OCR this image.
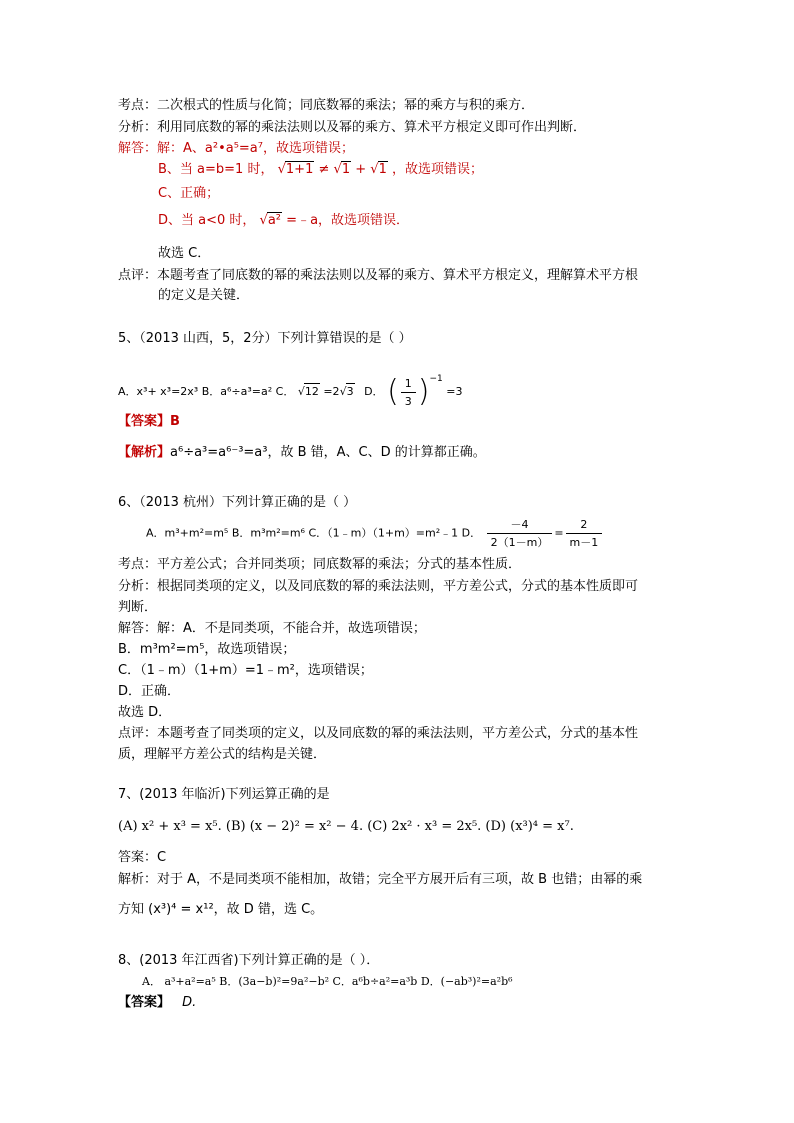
考点：二次根式的性质与化简；同底数幂的乘法；幂的乘方与积的乘方．
分析：利用同底数的幂的乘法法则以及幂的乘方、算术平方根定义即可作出判断．
解答：解：A、a²•a⁵=a⁷，故选项错误；
B、当 a=b=1 时， √1+1 ≠ √1 + √1 ，故选项错误；
C、正确；
D、当 a<0 时， √a² =﹣a，故选项错误．
故选 C．
点评：本题考查了同底数的幂的乘法法则以及幂的乘方、算术平方根定义，理解算术平方根
的定义是关键．
5、（2013 山西，5，2分）下列计算错误的是（ ）
A．x³+ x³=2x³ B．a⁶÷a³=a² C． √12 =2√3 D． ( $\frac{1}{3} )^{-1} =3$
【答案】B
【解析】a⁶÷a³=a⁶⁻³=a³，故 B 错，A、C、D 的计算都正确。
6、（2013 杭州）下列计算正确的是（ ）
A．m³+m²=m⁵ B．m³m²=m⁶ C．（1﹣m）（1+m）=m²﹣1 D． $\frac{-4}{2(1-m)} = \frac{2}{m-1}$
考点：平方差公式；合并同类项；同底数幂的乘法；分式的基本性质．
分析：根据同类项的定义，以及同底数的幂的乘法法则，平方差公式，分式的基本性质即可
判断．
解答：解：A．不是同类项，不能合并，故选项错误；
B．m³m²=m⁵，故选项错误；
C．（1﹣m）（1+m）=1﹣m²，选项错误；
D．正确．
故选 D．
点评：本题考查了同类项的定义，以及同底数的幂的乘法法则，平方差公式，分式的基本性
质，理解平方差公式的结构是关键．
7、(2013 年临沂)下列运算正确的是
(A) x² + x³ = x⁵. (B) (x − 2)² = x² − 4. (C) 2x² · x³ = 2x⁵. (D) (x³)⁴ = x⁷.
答案：C
解析：对于 A，不是同类项不能相加，故错；完全平方展开后有三项，故 B 也错；由幂的乘
方知 (x³)⁴ = x¹²，故 D 错，选 C。
8、(2013 年江西省)下列计算正确的是（ ）．
A． a³+a²=a⁵ B．(3a−b)²=9a²−b² C．a⁶b÷a²=a³b D．(−ab³)²=a²b⁶
【答案】 D.
